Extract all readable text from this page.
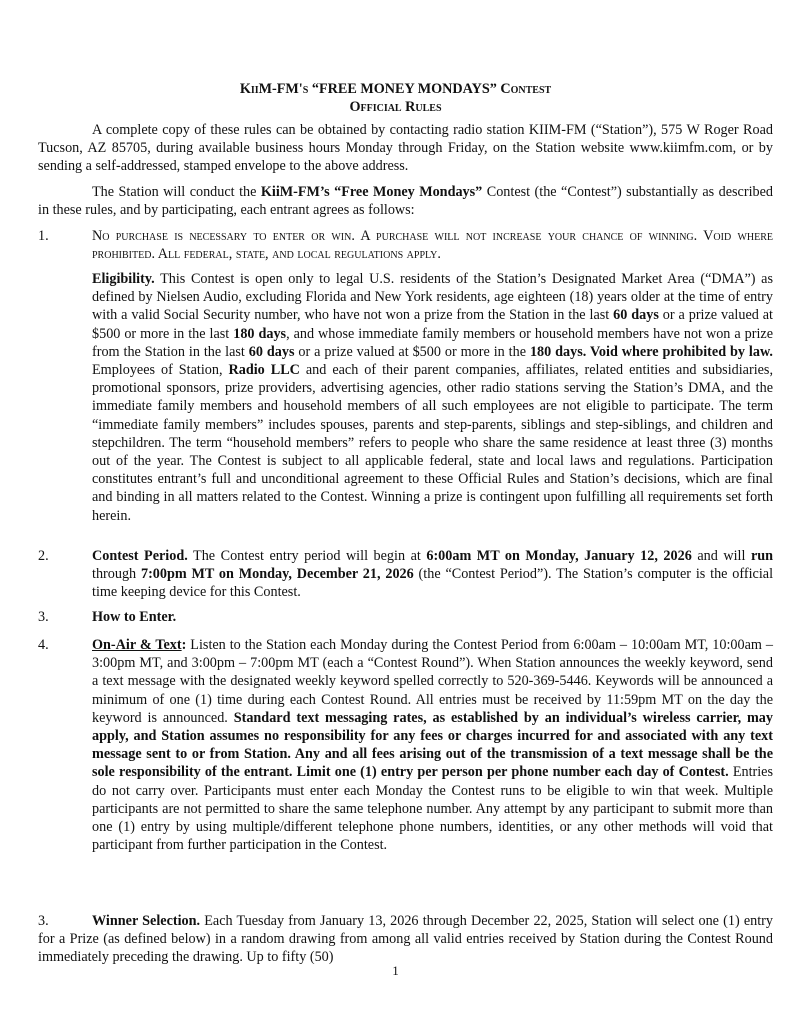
KiiM-FM's “FREE MONEY MONDAYS” Contest
Official Rules

A complete copy of these rules can be obtained by contacting radio station KIIM-FM (“Station”), 575 W Roger Road Tucson, AZ 85705, during available business hours Monday through Friday, on the Station website www.kiimfm.com, or by sending a self-addressed, stamped envelope to the above address.

The Station will conduct the KiiM-FM’s “Free Money Mondays” Contest (the “Contest”) substantially as described in these rules, and by participating, each entrant agrees as follows:

1.	No purchase is necessary to enter or win. A purchase will not increase your chance of winning. Void where prohibited. All federal, state, and local regulations apply.

Eligibility. This Contest is open only to legal U.S. residents of the Station’s Designated Market Area (“DMA”) as defined by Nielsen Audio, excluding Florida and New York residents, age eighteen (18) years older at the time of entry with a valid Social Security number, who have not won a prize from the Station in the last 60 days or a prize valued at $500 or more in the last 180 days, and whose immediate family members or household members have not won a prize from the Station in the last 60 days or a prize valued at $500 or more in the 180 days. Void where prohibited by law. Employees of Station, Radio LLC and each of their parent companies, affiliates, related entities and subsidiaries, promotional sponsors, prize providers, advertising agencies, other radio stations serving the Station’s DMA, and the immediate family members and household members of all such employees are not eligible to participate. The term “immediate family members” includes spouses, parents and step-parents, siblings and step-siblings, and children and stepchildren. The term “household members” refers to people who share the same residence at least three (3) months out of the year. The Contest is subject to all applicable federal, state and local laws and regulations. Participation constitutes entrant’s full and unconditional agreement to these Official Rules and Station’s decisions, which are final and binding in all matters related to the Contest. Winning a prize is contingent upon fulfilling all requirements set forth herein.

2.	Contest Period. The Contest entry period will begin at 6:00am MT on Monday, January 12, 2026 and will run through 7:00pm MT on Monday, December 21, 2026 (the “Contest Period”). The Station’s computer is the official time keeping device for this Contest.

3.	How to Enter.

4.	On-Air & Text: Listen to the Station each Monday during the Contest Period from 6:00am – 10:00am MT, 10:00am – 3:00pm MT, and 3:00pm – 7:00pm MT (each a “Contest Round”). When Station announces the weekly keyword, send a text message with the designated weekly keyword spelled correctly to 520-369-5446. Keywords will be announced a minimum of one (1) time during each Contest Round. All entries must be received by 11:59pm MT on the day the keyword is announced. Standard text messaging rates, as established by an individual’s wireless carrier, may apply, and Station assumes no responsibility for any fees or charges incurred for and associated with any text message sent to or from Station. Any and all fees arising out of the transmission of a text message shall be the sole responsibility of the entrant. Limit one (1) entry per person per phone number each day of Contest. Entries do not carry over. Participants must enter each Monday the Contest runs to be eligible to win that week. Multiple participants are not permitted to share the same telephone number. Any attempt by any participant to submit more than one (1) entry by using multiple/different telephone phone numbers, identities, or any other methods will void that participant from further participation in the Contest.

3.	Winner Selection. Each Tuesday from January 13, 2026 through December 22, 2025, Station will select one (1) entry for a Prize (as defined below) in a random drawing from among all valid entries received by Station during the Contest Round immediately preceding the drawing. Up to fifty (50)

1
